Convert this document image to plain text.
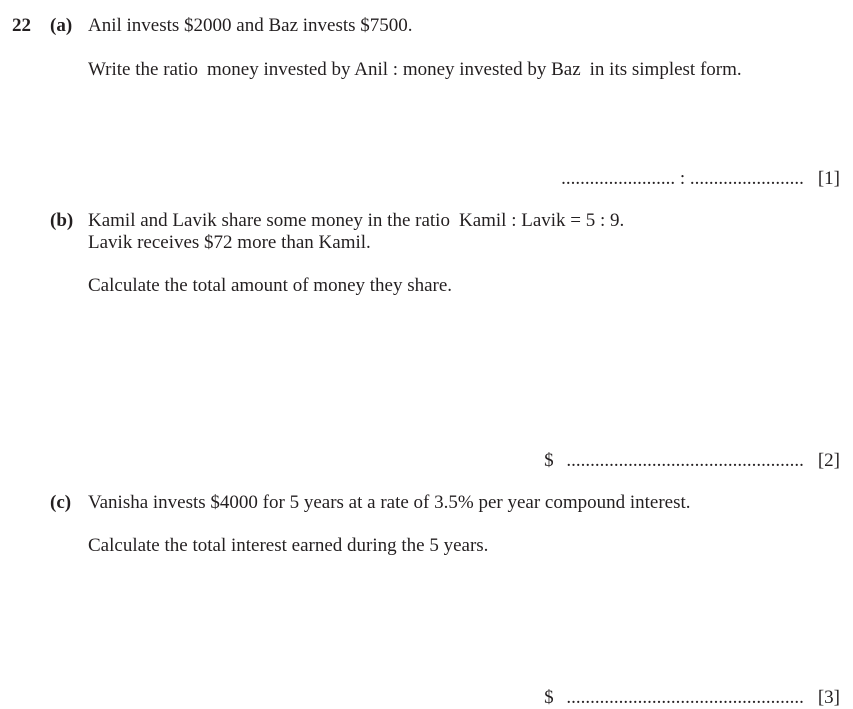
22 (a) Anil invests $2000 and Baz invests $7500.
Write the ratio money invested by Anil : money invested by Baz in its simplest form.
........................ : ........................ [1]
(b) Kamil and Lavik share some money in the ratio Kamil : Lavik = 5 : 9.
Lavik receives $72 more than Kamil.
Calculate the total amount of money they share.
$ .................................................. [2]
(c) Vanisha invests $4000 for 5 years at a rate of 3.5% per year compound interest.
Calculate the total interest earned during the 5 years.
$ .................................................. [3]
